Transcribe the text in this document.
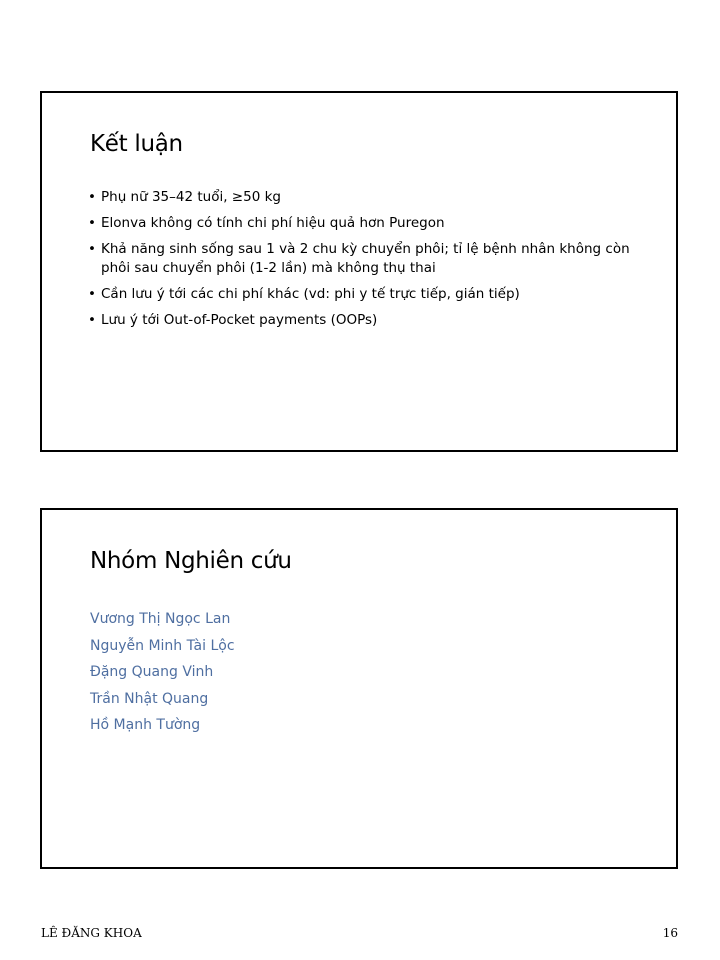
Kết luận
• Phụ nữ 35–42 tuổi, ≥50 kg
• Elonva không có tính chi phí hiệu quả hơn Puregon
• Khả năng sinh sống sau 1 và 2 chu kỳ chuyển phôi; tỉ lệ bệnh nhân không còn phôi sau chuyển phôi (1-2 lần) mà không thụ thai
• Cần lưu ý tới các chi phí khác (vd: phi y tế trực tiếp, gián tiếp)
• Lưu ý tới Out-of-Pocket payments (OOPs)
Nhóm Nghiên cứu
Vương Thị Ngọc Lan
Nguyễn Minh Tài Lộc
Đặng Quang Vinh
Trần Nhật Quang
Hồ Mạnh Tường
LÊ ĐĂNG KHOA	16
